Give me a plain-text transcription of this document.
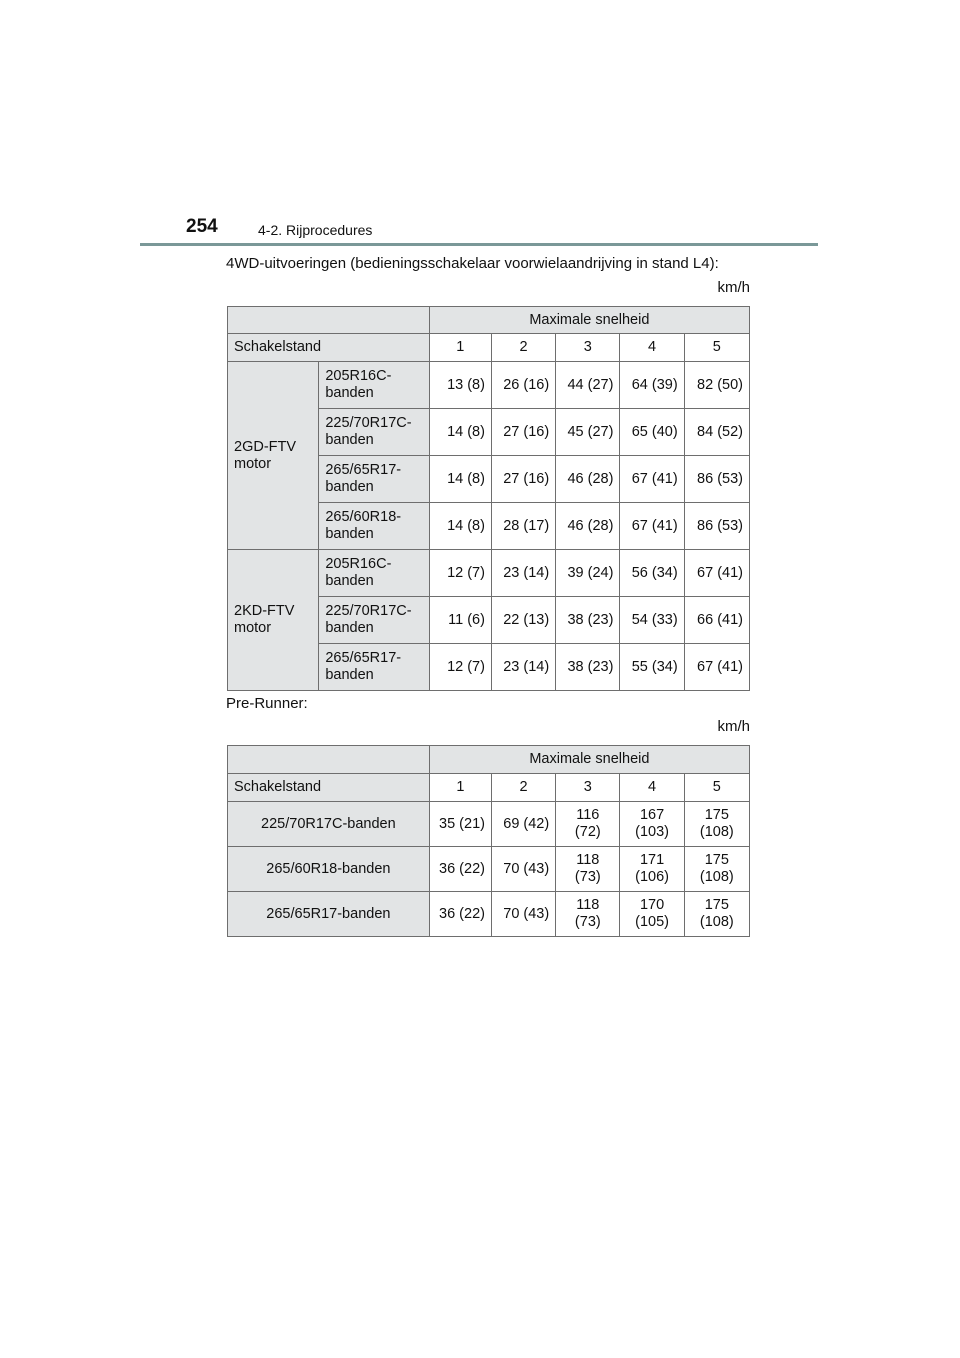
254	4-2. Rijprocedures
4WD-uitvoeringen (bedieningsschakelaar voorwielaandrijving in stand L4):
km/h
		Maximale snelheid				
Schakelstand		1	2	3	4	5
2GD-FTV motor	205R16C-banden	13 (8)	26 (16)	44 (27)	64 (39)	82 (50)
	225/70R17C-banden	14 (8)	27 (16)	45 (27)	65 (40)	84 (52)
	265/65R17-banden	14 (8)	27 (16)	46 (28)	67 (41)	86 (53)
	265/60R18-banden	14 (8)	28 (17)	46 (28)	67 (41)	86 (53)
2KD-FTV motor	205R16C-banden	12 (7)	23 (14)	39 (24)	56 (34)	67 (41)
	225/70R17C-banden	11 (6)	22 (13)	38 (23)	54 (33)	66 (41)
	265/65R17-banden	12 (7)	23 (14)	38 (23)	55 (34)	67 (41)
Pre-Runner:
km/h
	Maximale snelheid				
Schakelstand	1	2	3	4	5
225/70R17C-banden	35 (21)	69 (42)	116 (72)	167 (103)	175 (108)
265/60R18-banden	36 (22)	70 (43)	118 (73)	171 (106)	175 (108)
265/65R17-banden	36 (22)	70 (43)	118 (73)	170 (105)	175 (108)
